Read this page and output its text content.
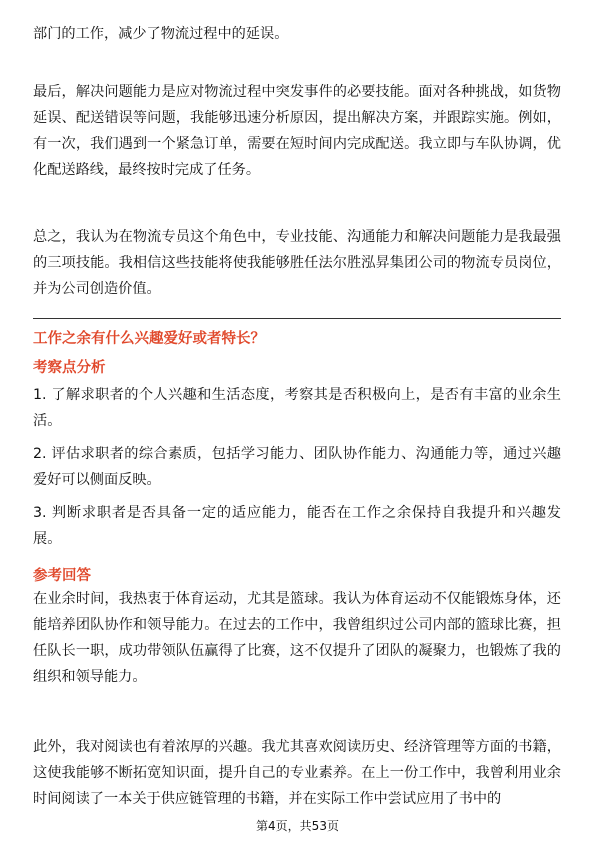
部门的工作，减少了物流过程中的延误。

最后，解决问题能力是应对物流过程中突发事件的必要技能。面对各种挑战，如货物延误、配送错误等问题，我能够迅速分析原因，提出解决方案，并跟踪实施。例如，有一次，我们遇到一个紧急订单，需要在短时间内完成配送。我立即与车队协调，优化配送路线，最终按时完成了任务。

总之，我认为在物流专员这个角色中，专业技能、沟通能力和解决问题能力是我最强的三项技能。我相信这些技能将使我能够胜任法尔胜泓昇集团公司的物流专员岗位，并为公司创造价值。

工作之余有什么兴趣爱好或者特长？
考察点分析

1. 了解求职者的个人兴趣和生活态度，考察其是否积极向上，是否有丰富的业余生活。

2. 评估求职者的综合素质，包括学习能力、团队协作能力、沟通能力等，通过兴趣爱好可以侧面反映。

3. 判断求职者是否具备一定的适应能力，能否在工作之余保持自我提升和兴趣发展。

参考回答

在业余时间，我热衷于体育运动，尤其是篮球。我认为体育运动不仅能锻炼身体，还能培养团队协作和领导能力。在过去的工作中，我曾组织过公司内部的篮球比赛，担任队长一职，成功带领队伍赢得了比赛，这不仅提升了团队的凝聚力，也锻炼了我的组织和领导能力。

此外，我对阅读也有着浓厚的兴趣。我尤其喜欢阅读历史、经济管理等方面的书籍，这使我能够不断拓宽知识面，提升自己的专业素养。在上一份工作中，我曾利用业余时间阅读了一本关于供应链管理的书籍，并在实际工作中尝试应用了书中的

第4页，共53页
